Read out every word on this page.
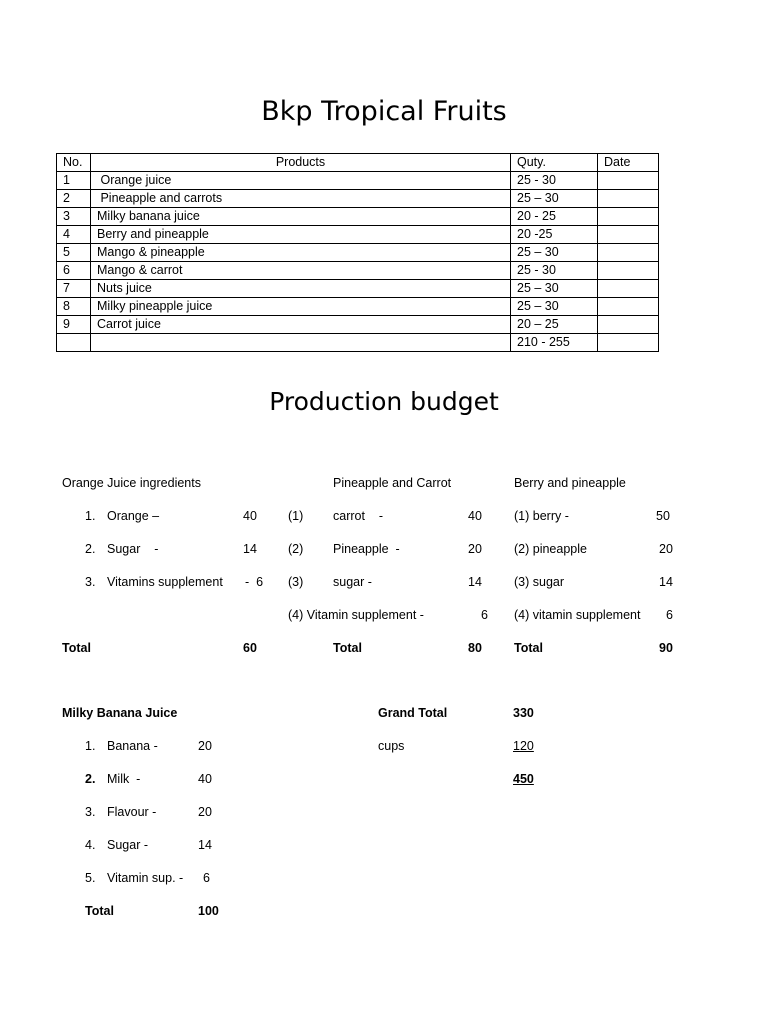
Bkp Tropical Fruits
No.	Products	Quty.	Date
1	Orange juice	25 - 30	
2	Pineapple and carrots	25 – 30	
3	Milky banana juice	20 - 25	
4	Berry and pineapple	20 -25	
5	Mango & pineapple	25 – 30	
6	Mango & carrot	25 - 30	
7	Nuts juice	25 – 30	
8	Milky pineapple juice	25 – 30	
9	Carrot juice	20 – 25	
		210 - 255	
Production budget
Orange Juice ingredients
1. Orange –	40
2. Sugar    -	14
3. Vitamins supplement -  6
Total	60
Pineapple and Carrot
(1) carrot    -	40
(2) Pineapple  -	20
(3) sugar -	14
(4) Vitamin supplement -	6
Total	80
Berry and pineapple
(1) berry -	50
(2) pineapple	20
(3) sugar	14
(4) vitamin supplement 6
Total	90
Milky Banana Juice
1. Banana -	20
2. Milk  -	40
3. Flavour -	20
4. Sugar -	14
5. Vitamin sup. - 6
Total	100
Grand Total	330
cups	120
450
